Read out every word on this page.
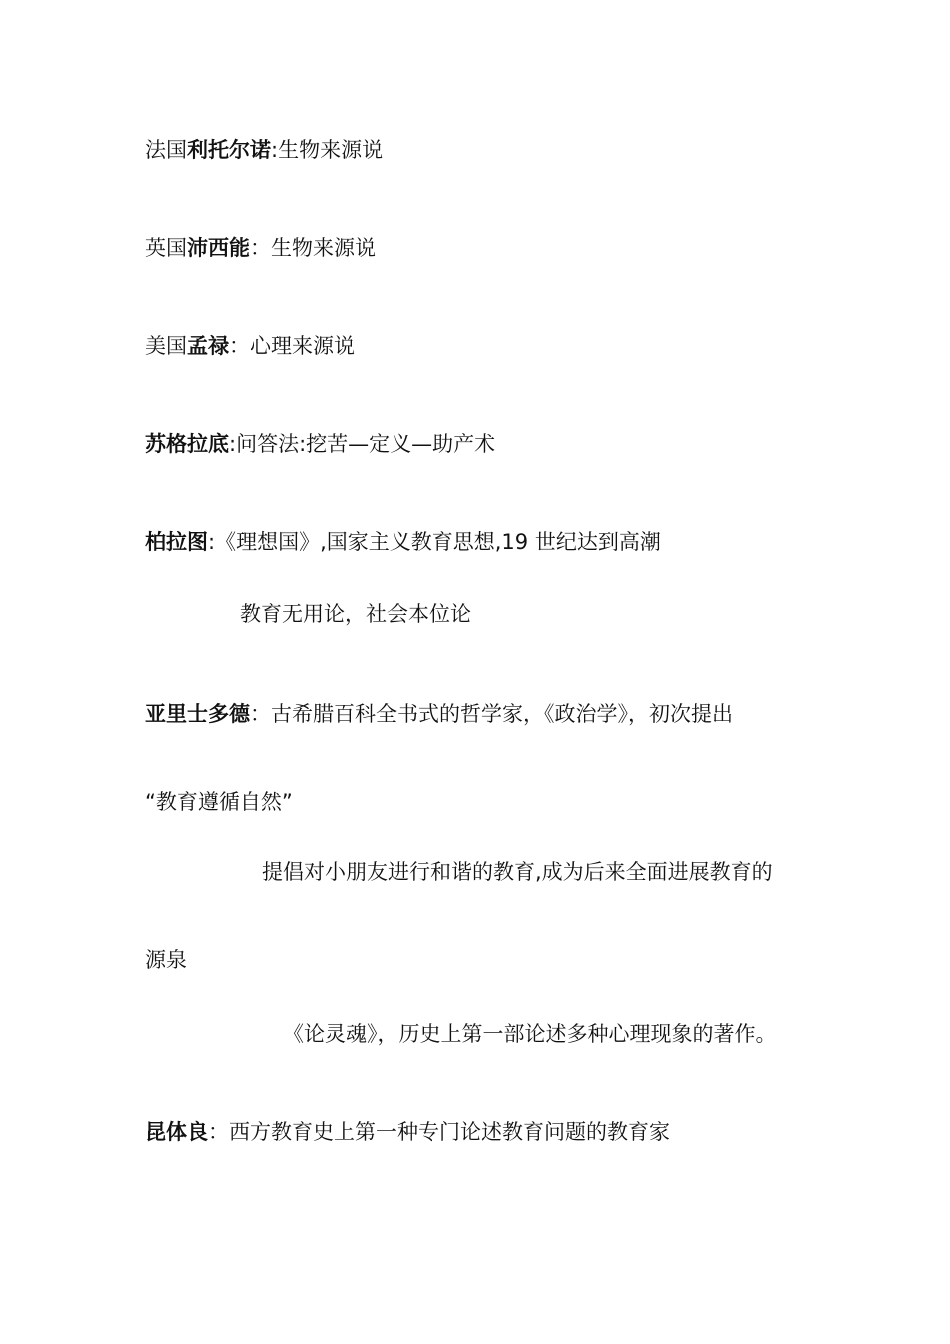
法国利托尔诺:生物来源说
英国沛西能：生物来源说
美国孟禄：心理来源说
苏格拉底:问答法:挖苦—定义—助产术
柏拉图:《理想国》,国家主义教育思想,19 世纪达到高潮
教育无用论，社会本位论
亚里士多德：古希腊百科全书式的哲学家，《政治学》，初次提出
“教育遵循自然”
提倡对小朋友进行和谐的教育,成为后来全面进展教育的
源泉
《论灵魂》，历史上第一部论述多种心理现象的著作。
昆体良：西方教育史上第一种专门论述教育问题的教育家
